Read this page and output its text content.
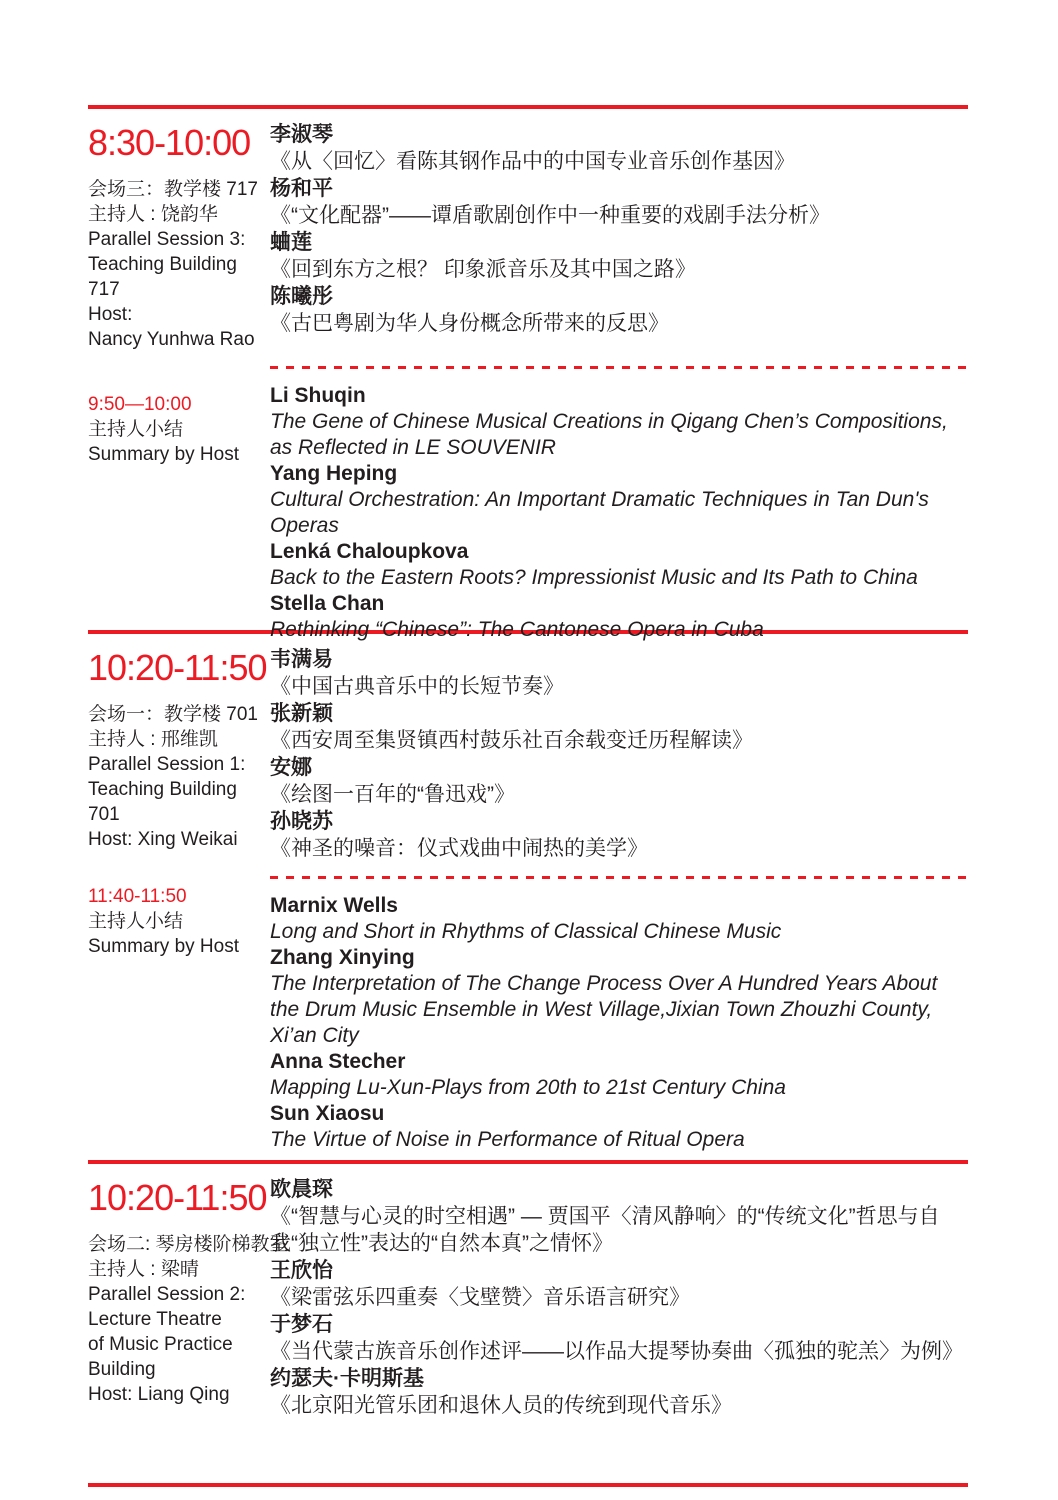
8:30-10:00
会场三：教学楼 717
主持人 : 饶韵华
Parallel Session 3:
Teaching Building
717
Host:
Nancy Yunhwa Rao
李淑琴
《从〈回忆〉看陈其钢作品中的中国专业音乐创作基因》
杨和平
《“文化配器”——谭盾歌剧创作中一种重要的戏剧手法分析》
蛐莲
《回到东方之根？ 印象派音乐及其中国之路》
陈曦彤
《古巴粤剧为华人身份概念所带来的反思》
9:50—10:00
主持人小结
Summary by Host
Li Shuqin
The Gene of Chinese Musical Creations in Qigang Chen’s Compositions, as Reflected in LE SOUVENIR
Yang Heping
Cultural Orchestration: An Important Dramatic Techniques in Tan Dun's Operas
Lenká Chaloupkova
Back to the Eastern Roots? Impressionist Music and Its Path to China
Stella Chan
Rethinking “Chinese”: The Cantonese Opera in Cuba
10:20-11:50
会场一：教学楼 701
主持人 : 邢维凯
Parallel Session 1:
Teaching Building
701
Host: Xing Weikai
韦满易
《中国古典音乐中的长短节奏》
张新颖
《西安周至集贤镇西村鼓乐社百余载变迁历程解读》
安娜
《绘图一百年的“鲁迅戏”》
孙晓苏
《神圣的噪音：仪式戏曲中闹热的美学》
11:40-11:50
主持人小结
Summary by Host
Marnix Wells
Long and Short in Rhythms of Classical Chinese Music
Zhang Xinying
The Interpretation of The Change Process Over A Hundred Years About the Drum Music Ensemble in West Village,Jixian Town Zhouzhi County, Xi’an City
Anna Stecher
Mapping Lu-Xun-Plays from 20th to 21st Century China
Sun Xiaosu
The Virtue of Noise in Performance of Ritual Opera
10:20-11:50
会场二: 琴房楼阶梯教室
主持人 : 梁晴
Parallel Session 2:
Lecture Theatre
of Music Practice
Building
Host: Liang Qing
欧晨琛
《“智慧与心灵的时空相遇” — 贾国平〈清风静响〉的“传统文化”哲思与自我“独立性”表达的“自然本真”之情怀》
王欣怡
《梁雷弦乐四重奏〈戈壁赞〉音乐语言研究》
于梦石
《当代蒙古族音乐创作述评——以作品大提琴协奏曲〈孤独的驼羔〉为例》
约瑟夫·卡明斯基
《北京阳光管乐团和退休人员的传统到现代音乐》
